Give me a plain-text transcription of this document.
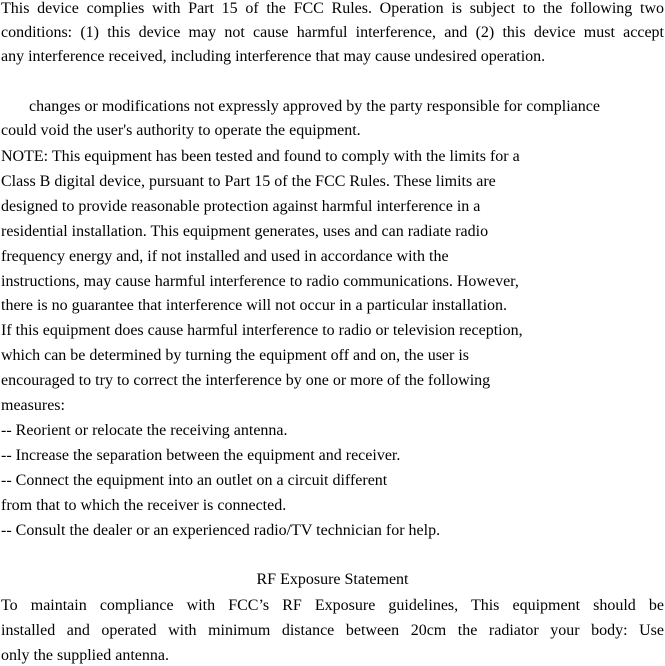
This device complies with Part 15 of the FCC Rules. Operation is subject to the following two
conditions: (1) this device may not cause harmful interference, and (2) this device must accept
any interference received, including interference that may cause undesired operation.
changes or modifications not expressly approved by the party responsible for compliance
could void the user's authority to operate the equipment.
NOTE: This equipment has been tested and found to comply with the limits for a
Class B digital device, pursuant to Part 15 of the FCC Rules. These limits are
designed to provide reasonable protection against harmful interference in a
residential installation. This equipment generates, uses and can radiate radio
frequency energy and, if not installed and used in accordance with the
instructions, may cause harmful interference to radio communications. However,
there is no guarantee that interference will not occur in a particular installation.
If this equipment does cause harmful interference to radio or television reception,
which can be determined by turning the equipment off and on, the user is
encouraged to try to correct the interference by one or more of the following
measures:
-- Reorient or relocate the receiving antenna.
-- Increase the separation between the equipment and receiver.
-- Connect the equipment into an outlet on a circuit different
from that to which the receiver is connected.
-- Consult the dealer or an experienced radio/TV technician for help.
RF Exposure Statement
To maintain compliance with FCC’s RF Exposure guidelines, This equipment should be
installed and operated with minimum distance between 20cm the radiator your body: Use
only the supplied antenna.
